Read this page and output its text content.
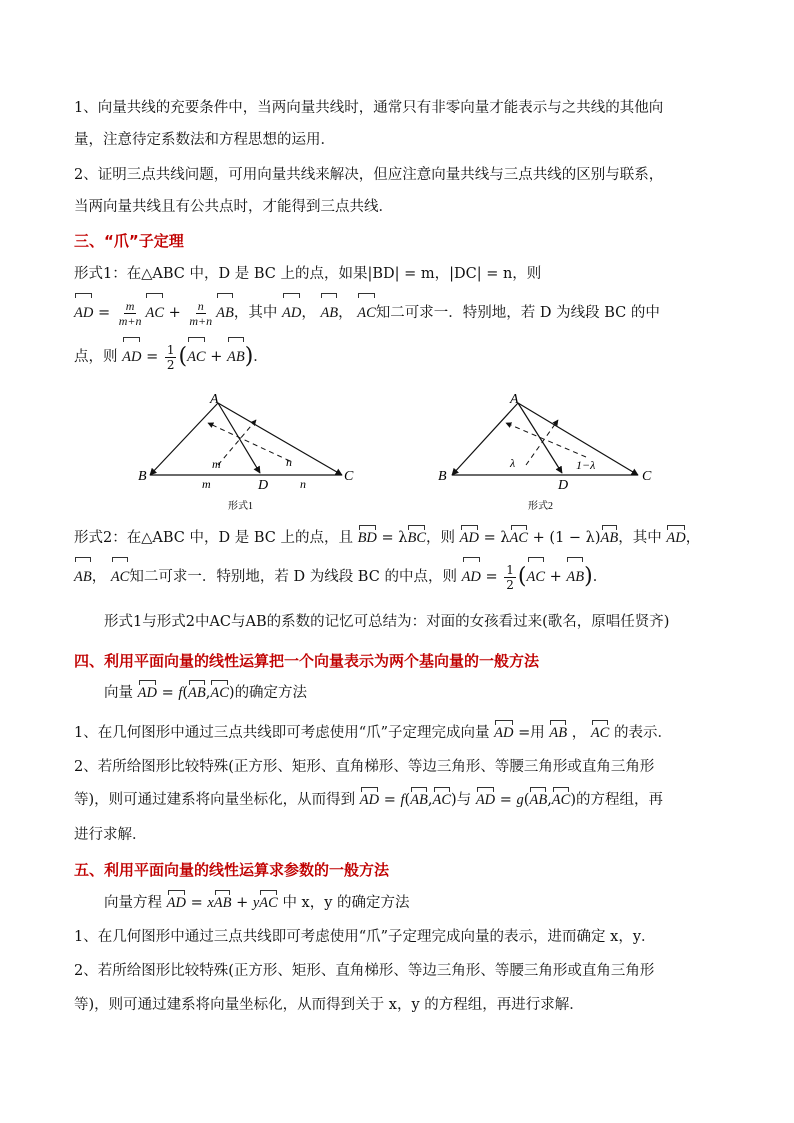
1、向量共线的充要条件中，当两向量共线时，通常只有非零向量才能表示与之共线的其他向
量，注意待定系数法和方程思想的运用．
2、证明三点共线问题，可用向量共线来解决，但应注意向量共线与三点共线的区别与联系，
当两向量共线且有公共点时，才能得到三点共线．
三、“爪”子定理
形式1：在△ABC 中，D 是 BC 上的点，如果|BD| = m，|DC| = n，则
AD = $\frac{m}{m+n}$ AC + $\frac{n}{m+n}$ AB，其中 AD， AB， AC知二可求一．特别地，若 D 为线段 BC 的中
点，则 AD = $\frac{1}{2} (AC + AB)$．
A
B	C
D
m	n
m	n
形式1
A
B	C
D
λ	1−λ
形式2
形式2：在△ABC 中，D 是 BC 上的点，且 BD = λBC，则 AD = λAC + (1 − λ)AB，其中 AD，
AB， AC知二可求一．特别地，若 D 为线段 BC 的中点，则 AD = $\frac{1}{2} (AC + AB)$．
形式1与形式2中AC与AB的系数的记忆可总结为：对面的女孩看过来(歌名，原唱任贤齐)
四、利用平面向量的线性运算把一个向量表示为两个基向量的一般方法
向量 AD = f(AB,AC)的确定方法
1、在几何图形中通过三点共线即可考虑使用“爪”子定理完成向量 AD =用 AB ， AC 的表示．
2、若所给图形比较特殊(正方形、矩形、直角梯形、等边三角形、等腰三角形或直角三角形
等)，则可通过建系将向量坐标化，从而得到 AD = f(AB,AC)与 AD = g(AB,AC)的方程组，再
进行求解．
五、利用平面向量的线性运算求参数的一般方法
向量方程 AD = xAB + yAC 中 x，y 的确定方法
1、在几何图形中通过三点共线即可考虑使用“爪”子定理完成向量的表示，进而确定 x，y．
2、若所给图形比较特殊(正方形、矩形、直角梯形、等边三角形、等腰三角形或直角三角形
等)，则可通过建系将向量坐标化，从而得到关于 x，y 的方程组，再进行求解．
